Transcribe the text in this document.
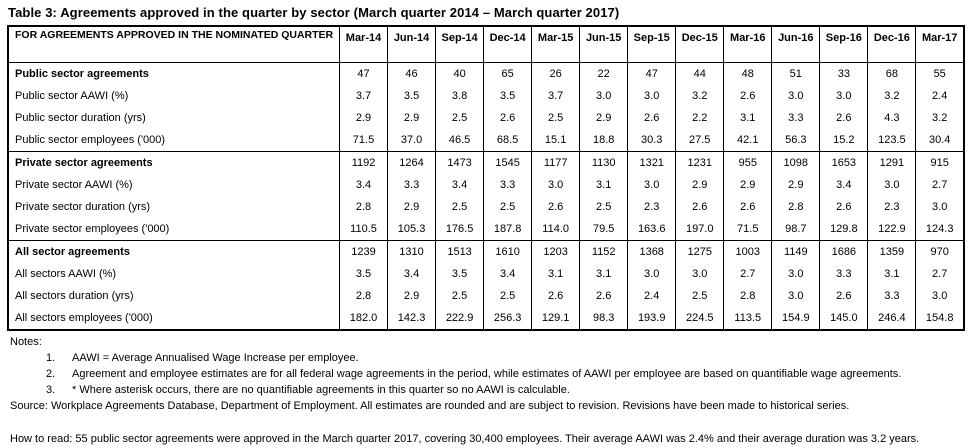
Table 3: Agreements approved in the quarter by sector (March quarter 2014 – March quarter 2017)
FOR AGREEMENTS APPROVED IN THE NOMINATED QUARTER	Mar-14	Jun-14	Sep-14	Dec-14	Mar-15	Jun-15	Sep-15	Dec-15	Mar-16	Jun-16	Sep-16	Dec-16	Mar-17
Public sector agreements	47	46	40	65	26	22	47	44	48	51	33	68	55
Public sector AAWI (%)	3.7	3.5	3.8	3.5	3.7	3.0	3.0	3.2	2.6	3.0	3.0	3.2	2.4
Public sector duration (yrs)	2.9	2.9	2.5	2.6	2.5	2.9	2.6	2.2	3.1	3.3	2.6	4.3	3.2
Public sector employees ('000)	71.5	37.0	46.5	68.5	15.1	18.8	30.3	27.5	42.1	56.3	15.2	123.5	30.4
Private sector agreements	1192	1264	1473	1545	1177	1130	1321	1231	955	1098	1653	1291	915
Private sector AAWI (%)	3.4	3.3	3.4	3.3	3.0	3.1	3.0	2.9	2.9	2.9	3.4	3.0	2.7
Private sector duration (yrs)	2.8	2.9	2.5	2.5	2.6	2.5	2.3	2.6	2.6	2.8	2.6	2.3	3.0
Private sector employees ('000)	110.5	105.3	176.5	187.8	114.0	79.5	163.6	197.0	71.5	98.7	129.8	122.9	124.3
All sector agreements	1239	1310	1513	1610	1203	1152	1368	1275	1003	1149	1686	1359	970
All sectors AAWI (%)	3.5	3.4	3.5	3.4	3.1	3.1	3.0	3.0	2.7	3.0	3.3	3.1	2.7
All sectors duration (yrs)	2.8	2.9	2.5	2.5	2.6	2.6	2.4	2.5	2.8	3.0	2.6	3.3	3.0
All sectors employees ('000)	182.0	142.3	222.9	256.3	129.1	98.3	193.9	224.5	113.5	154.9	145.0	246.4	154.8
Notes:
1.	AAWI = Average Annualised Wage Increase per employee.
2.	Agreement and employee estimates are for all federal wage agreements in the period, while estimates of AAWI per employee are based on quantifiable wage agreements.
3.	* Where asterisk occurs, there are no quantifiable agreements in this quarter so no AAWI is calculable.
Source: Workplace Agreements Database, Department of Employment. All estimates are rounded and are subject to revision. Revisions have been made to historical series.
How to read: 55 public sector agreements were approved in the March quarter 2017, covering 30,400 employees. Their average AAWI was 2.4% and their average duration was 3.2 years.
